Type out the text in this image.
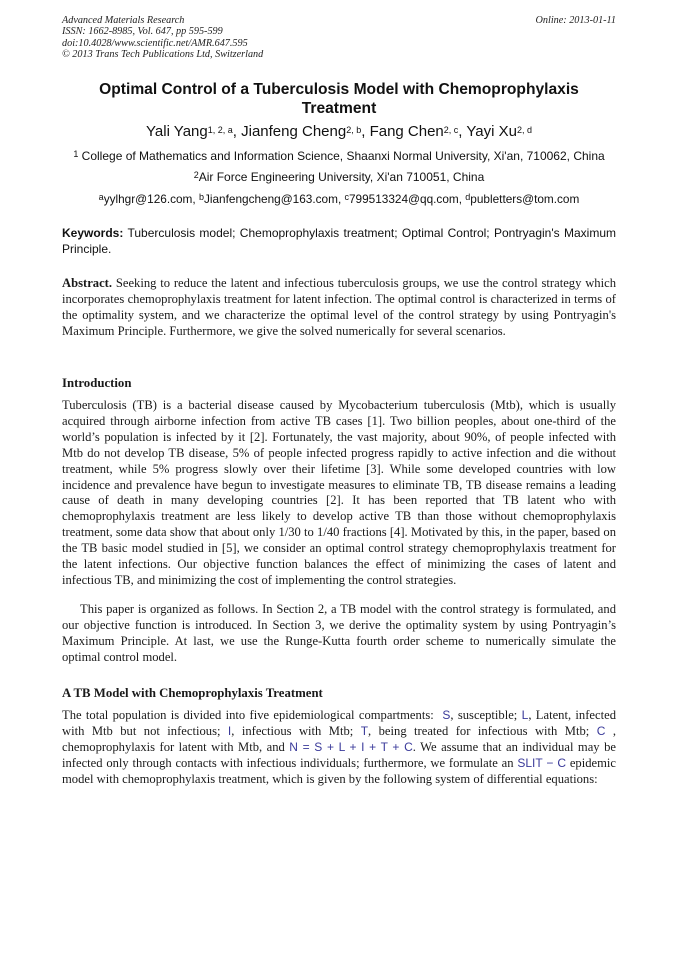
Advanced Materials Research
ISSN: 1662-8985, Vol. 647, pp 595-599
doi:10.4028/www.scientific.net/AMR.647.595
© 2013 Trans Tech Publications Ltd, Switzerland
Online: 2013-01-11
Optimal Control of a Tuberculosis Model with Chemoprophylaxis Treatment
Yali Yang$^{1, 2, a}$, Jianfeng Cheng$^{2, b}$, Fang Chen$^{2, c}$, Yayi Xu$^{2, d}$
$^1$ College of Mathematics and Information Science, Shaanxi Normal University, Xi'an, 710062, China
$^2$Air Force Engineering University, Xi'an 710051, China
$^a$yylhgr@126.com, $^b$Jianfengcheng@163.com, $^c$799513324@qq.com, $^d$publetters@tom.com
Keywords: Tuberculosis model; Chemoprophylaxis treatment; Optimal Control; Pontryagin's Maximum Principle.
Abstract. Seeking to reduce the latent and infectious tuberculosis groups, we use the control strategy which incorporates chemoprophylaxis treatment for latent infection. The optimal control is characterized in terms of the optimality system, and we characterize the optimal level of the control strategy by using Pontryagin's Maximum Principle. Furthermore, we give the solved numerically for several scenarios.
Introduction
Tuberculosis (TB) is a bacterial disease caused by Mycobacterium tuberculosis (Mtb), which is usually acquired through airborne infection from active TB cases [1]. Two billion peoples, about one-third of the world’s population is infected by it [2]. Fortunately, the vast majority, about 90%, of people infected with Mtb do not develop TB disease, 5% of people infected progress rapidly to active infection and die without treatment, while 5% progress slowly over their lifetime [3]. While some developed countries with low incidence and prevalence have begun to investigate measures to eliminate TB, TB disease remains a leading cause of death in many developing countries [2]. It has been reported that TB latent who with chemoprophylaxis treatment are less likely to develop active TB than those without chemoprophylaxis treatment, some data show that about only 1/30 to 1/40 fractions [4]. Motivated by this, in the paper, based on the TB basic model studied in [5], we consider an optimal control strategy chemoprophylaxis treatment for the latent infections. Our objective function balances the effect of minimizing the cases of latent and infectious TB, and minimizing the cost of implementing the control strategies.
This paper is organized as follows. In Section 2, a TB model with the control strategy is formulated, and our objective function is introduced. In Section 3, we derive the optimality system by using Pontryagin’s Maximum Principle. At last, we use the Runge-Kutta fourth order scheme to numerically simulate the optimal control model.
A TB Model with Chemoprophylaxis Treatment
The total population is divided into five epidemiological compartments: S, susceptible; L, Latent, infected with Mtb but not infectious; I, infectious with Mtb; T, being treated for infectious with Mtb; C , chemoprophylaxis for latent with Mtb, and N = S + L + I + T + C. We assume that an individual may be infected only through contacts with infectious individuals; furthermore, we formulate an SLIT − C epidemic model with chemoprophylaxis treatment, which is given by the following system of differential equations:
